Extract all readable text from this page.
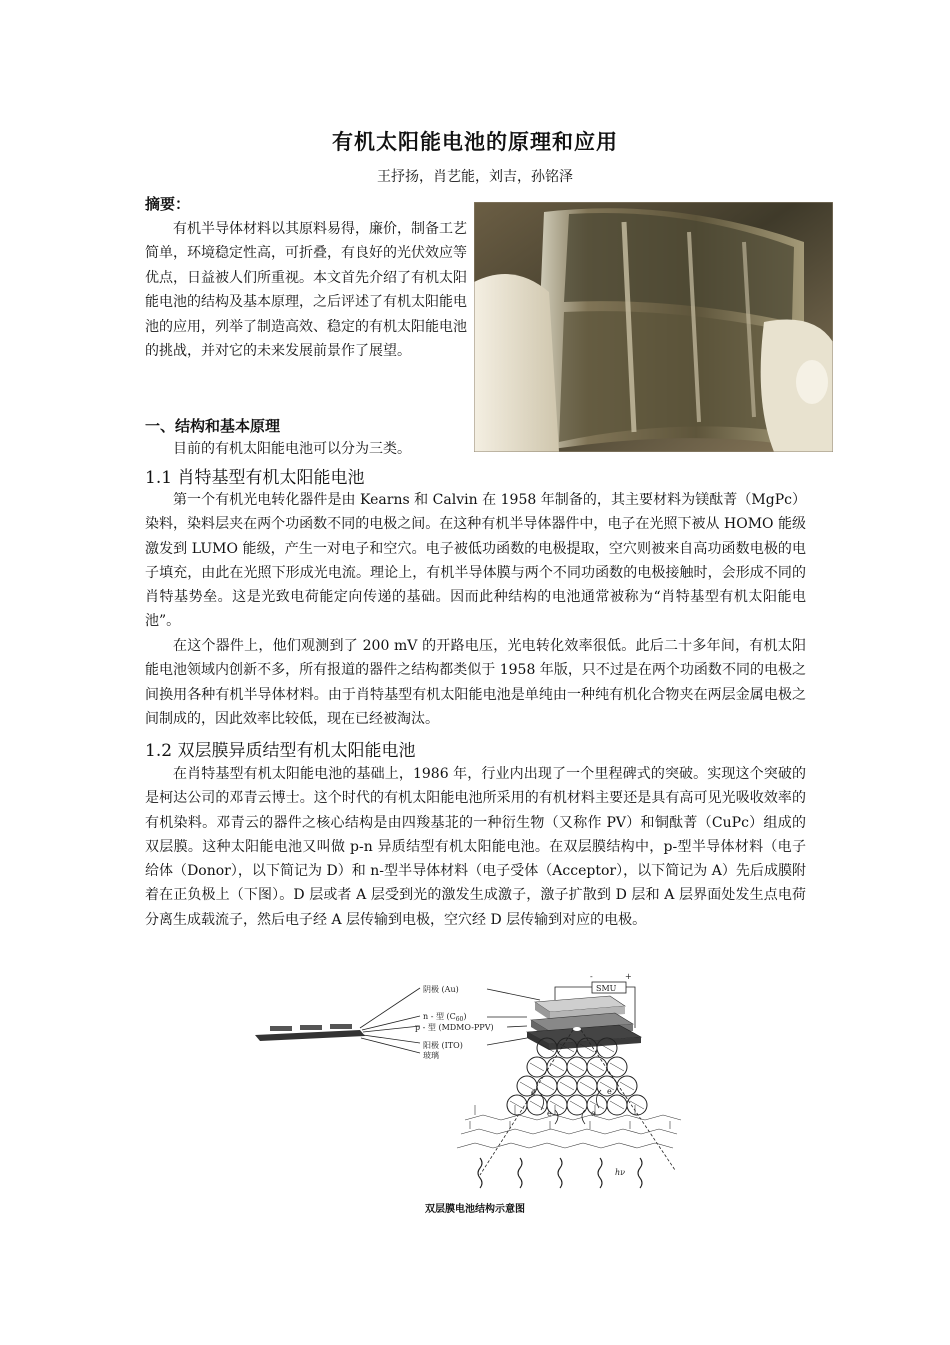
有机太阳能电池的原理和应用
王抒扬，肖艺能，刘吉，孙铭泽
摘要：

有机半导体材料以其原料易得，廉价，制备工艺简单，环境稳定性高，可折叠，有良好的光伏效应等优点，日益被人们所重视。本文首先介绍了有机太阳能电池的结构及基本原理，之后评述了有机太阳能电池的应用，列举了制造高效、稳定的有机太阳能电池的挑战，并对它的未来发展前景作了展望。

一、结构和基本原理

目前的有机太阳能电池可以分为三类。

1.1 肖特基型有机太阳能电池

第一个有机光电转化器件是由 Kearns 和 Calvin 在 1958 年制备的，其主要材料为镁酞菁（MgPc）染料，染料层夹在两个功函数不同的电极之间。在这种有机半导体器件中，电子在光照下被从 HOMO 能级激发到 LUMO 能级，产生一对电子和空穴。电子被低功函数的电极提取，空穴则被来自高功函数电极的电子填充，由此在光照下形成光电流。理论上，有机半导体膜与两个不同功函数的电极接触时，会形成不同的肖特基势垒。这是光致电荷能定向传递的基础。因而此种结构的电池通常被称为“肖特基型有机太阳能电池”。

在这个器件上，他们观测到了 200 mV 的开路电压，光电转化效率很低。此后二十多年间，有机太阳能电池领域内创新不多，所有报道的器件之结构都类似于 1958 年版，只不过是在两个功函数不同的电极之间换用各种有机半导体材料。由于肖特基型有机太阳能电池是单纯由一种纯有机化合物夹在两层金属电极之间制成的，因此效率比较低，现在已经被淘汰。

1.2 双层膜异质结型有机太阳能电池

在肖特基型有机太阳能电池的基础上，1986 年，行业内出现了一个里程碑式的突破。实现这个突破的是柯达公司的邓青云博士。这个时代的有机太阳能电池所采用的有机材料主要还是具有高可见光吸收效率的有机染料。邓青云的器件之核心结构是由四羧基苝的一种衍生物（又称作 PV）和铜酞菁（CuPc）组成的双层膜。这种太阳能电池又叫做 p-n 异质结型有机太阳能电池。在双层膜结构中，p-型半导体材料（电子给体（Donor），以下简记为 D）和 n-型半导体材料（电子受体（Acceptor），以下简记为 A）先后成膜附着在正负极上（下图）。D 层或者 A 层受到光的激发生成激子，激子扩散到 D 层和 A 层界面处发生点电荷分离生成载流子，然后电子经 A 层传输到电极，空穴经 D 层传输到对应的电极。

阴极 (Au)
n - 型 $(C_{60})$
p - 型 (MDMO-PPV)
阳极 (ITO)
玻璃
SMU
-	+
hν
e	e
e	e
双层膜电池结构示意图
